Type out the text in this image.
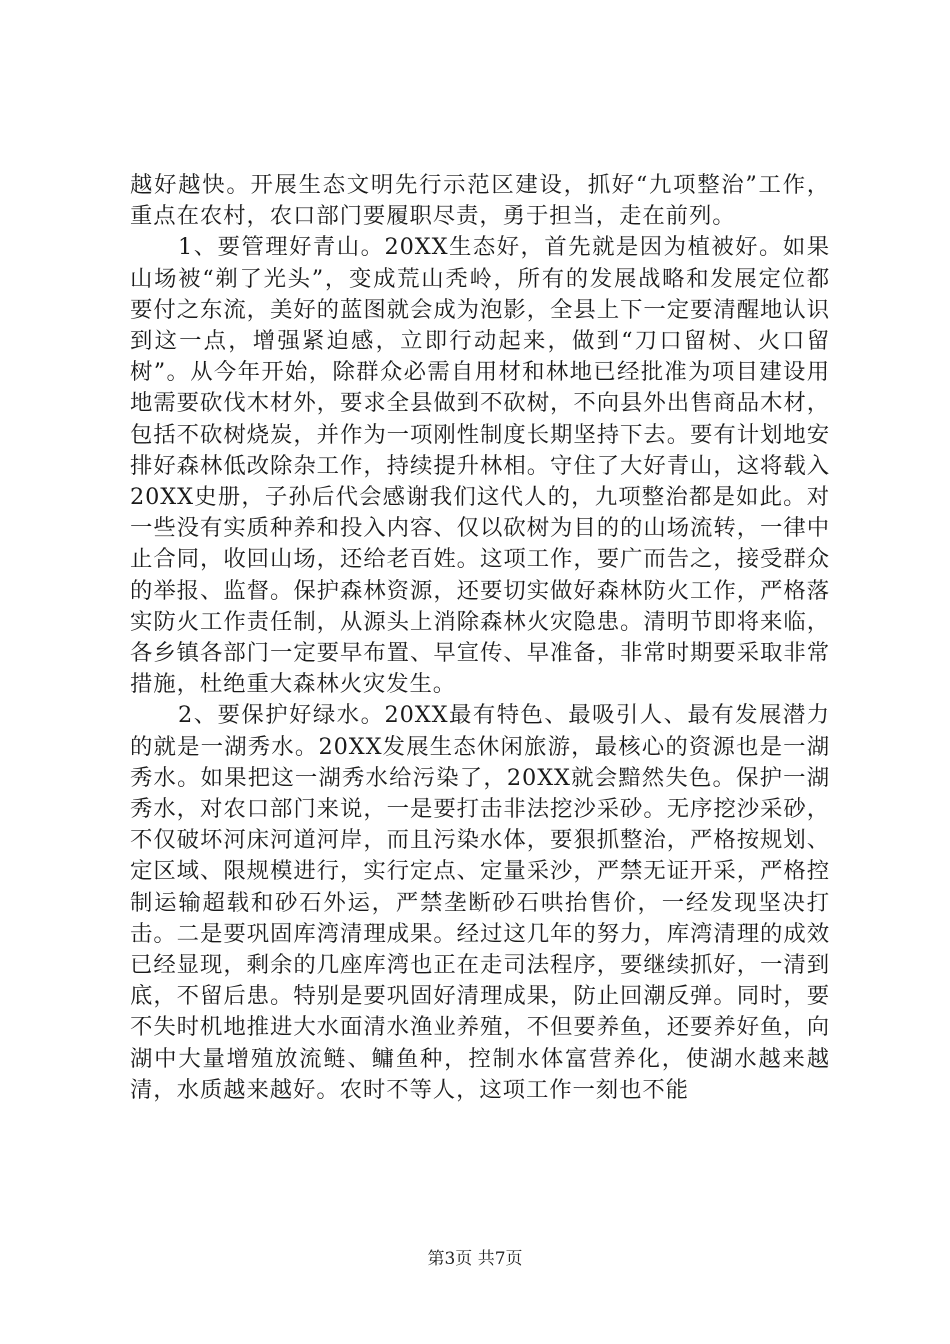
越好越快。开展生态文明先行示范区建设，抓好“九项整治”工作，重点在农村，农口部门要履职尽责，勇于担当，走在前列。

1、要管理好青山。20XX生态好，首先就是因为植被好。如果山场被“剃了光头”，变成荒山秃岭，所有的发展战略和发展定位都要付之东流，美好的蓝图就会成为泡影，全县上下一定要清醒地认识到这一点，增强紧迫感，立即行动起来，做到“刀口留树、火口留树”。从今年开始，除群众必需自用材和林地已经批准为项目建设用地需要砍伐木材外，要求全县做到不砍树，不向县外出售商品木材，包括不砍树烧炭，并作为一项刚性制度长期坚持下去。要有计划地安排好森林低改除杂工作，持续提升林相。守住了大好青山，这将载入20XX史册，子孙后代会感谢我们这代人的，九项整治都是如此。对一些没有实质种养和投入内容、仅以砍树为目的的山场流转，一律中止合同，收回山场，还给老百姓。这项工作，要广而告之，接受群众的举报、监督。保护森林资源，还要切实做好森林防火工作，严格落实防火工作责任制，从源头上消除森林火灾隐患。清明节即将来临，各乡镇各部门一定要早布置、早宣传、早准备，非常时期要采取非常措施，杜绝重大森林火灾发生。

2、要保护好绿水。20XX最有特色、最吸引人、最有发展潜力的就是一湖秀水。20XX发展生态休闲旅游，最核心的资源也是一湖秀水。如果把这一湖秀水给污染了，20XX就会黯然失色。保护一湖秀水，对农口部门来说，一是要打击非法挖沙采砂。无序挖沙采砂，不仅破坏河床河道河岸，而且污染水体，要狠抓整治，严格按规划、定区域、限规模进行，实行定点、定量采沙，严禁无证开采，严格控制运输超载和砂石外运，严禁垄断砂石哄抬售价，一经发现坚决打击。二是要巩固库湾清理成果。经过这几年的努力，库湾清理的成效已经显现，剩余的几座库湾也正在走司法程序，要继续抓好，一清到底，不留后患。特别是要巩固好清理成果，防止回潮反弹。同时，要不失时机地推进大水面清水渔业养殖，不但要养鱼，还要养好鱼，向湖中大量增殖放流鲢、鳙鱼种，控制水体富营养化，使湖水越来越清，水质越来越好。农时不等人，这项工作一刻也不能

第3页 共7页
